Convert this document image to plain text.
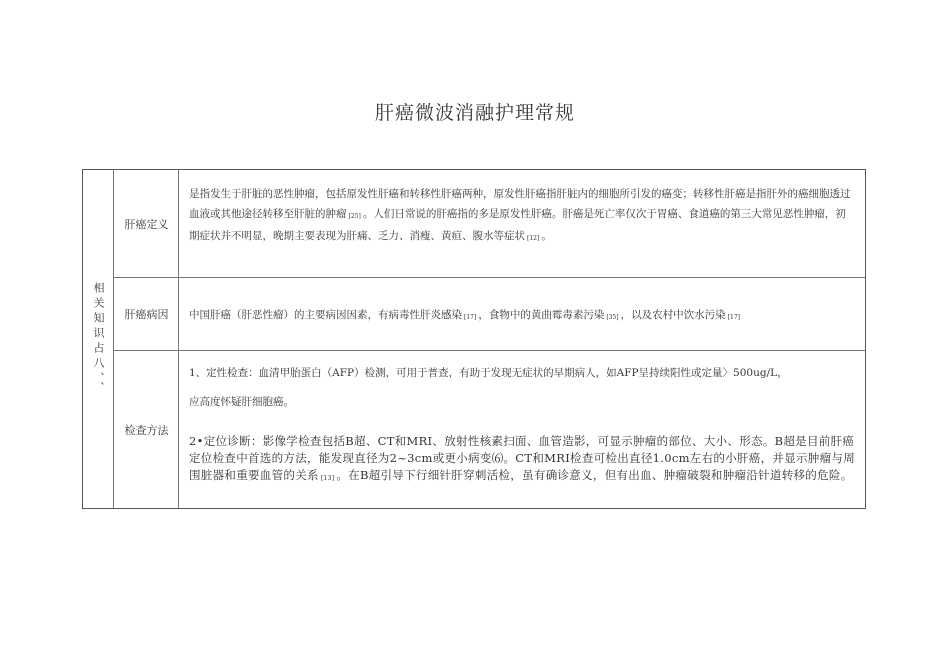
肝癌微波消融护理常规
相关知识占八、、
肝癌定义
是指发生于肝脏的恶性肿瘤，包括原发性肝癌和转移性肝癌两种，原发性肝癌指肝脏内的细胞所引发的癌变；转移性肝癌是指肝外的癌细胞透过血液或其他途径转移至肝脏的肿瘤 $_{[25]}$ 。人们日常说的肝癌指的多是原发性肝癌。肝癌是死亡率仅次于胃癌、食道癌的第三大常见恶性肿瘤，初期症状并不明显，晚期主要表现为肝痛、乏力、消瘦、黄疸、腹水等症状 $_{[12]}$ 。
肝癌病因	中国肝癌（肝恶性瘤）的主要病因因素，有病毒性肝炎感染 $_{[17]}$ ，食物中的黄曲霉毒素污染 $_{[35]}$ ，以及农村中饮水污染 $_{[17]}$
检查方法

1、定性检查：血清甲胎蛋白（AFP）检测，可用于普查，有助于发现无症状的早期病人，如AFP呈持续阳性或定量〉500ug/L，

应高度怀疑肝细胞癌。

2•定位诊断：影像学检查包括B超、CT和MRI、放射性核素扫面、血管造影，可显示肿瘤的部位、大小、形态。B超是目前肝癌定位检查中首选的方法，能发现直径为2~3cm或更小病变⑹。CT和MRI检查可检出直径1.0cm左右的小肝癌，并显示肿瘤与周围脏器和重要血管的关系 $_{[13]}$ 。在B超引导下行细针肝穿刺活检，虽有确诊意义，但有出血、肿瘤破裂和肿瘤沿针道转移的危险。
